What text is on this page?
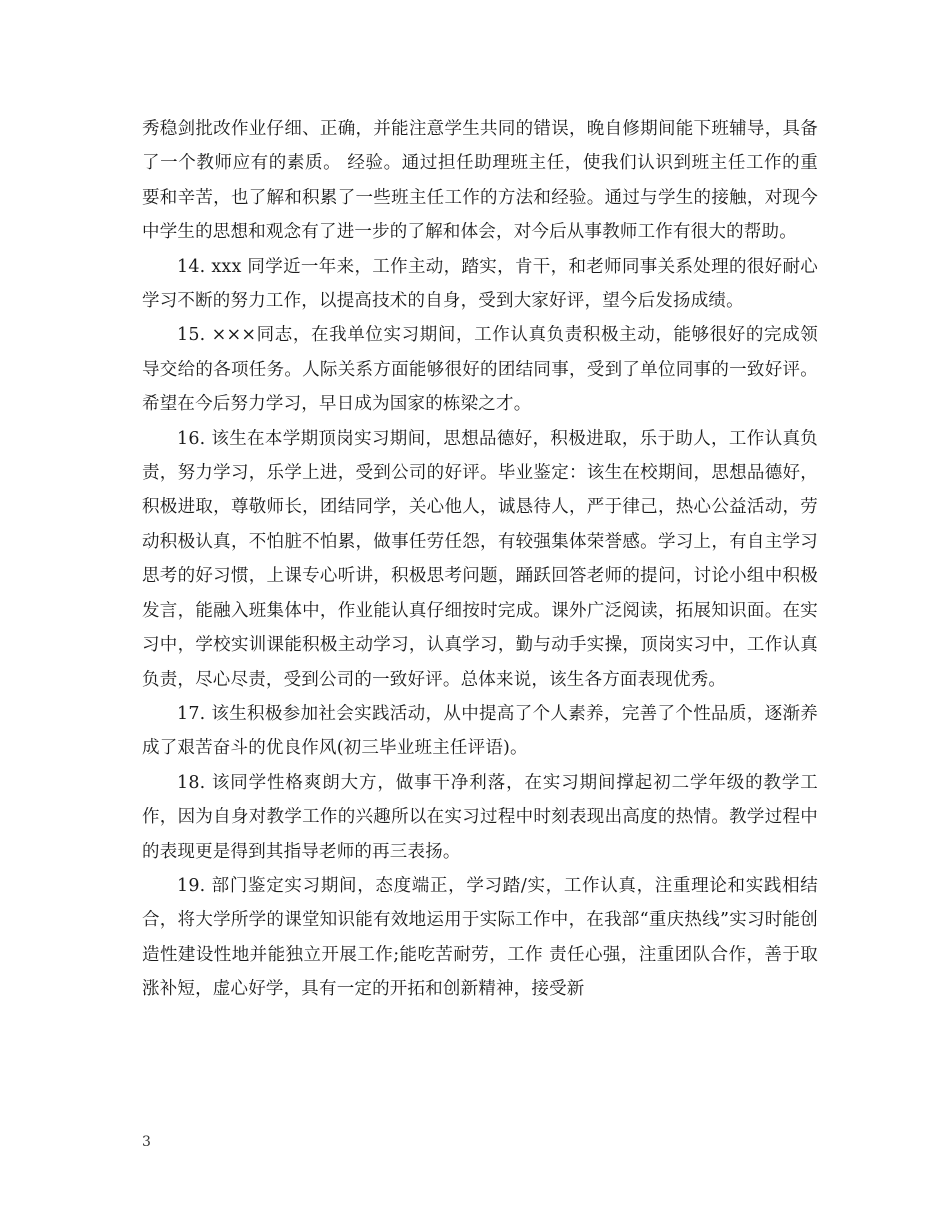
秀稳剑批改作业仔细、正确，并能注意学生共同的错误，晚自修期间能下班辅导，具备了一个教师应有的素质。 经验。通过担任助理班主任，使我们认识到班主任工作的重要和辛苦，也了解和积累了一些班主任工作的方法和经验。通过与学生的接触，对现今中学生的思想和观念有了进一步的了解和体会，对今后从事教师工作有很大的帮助。

14. xxx 同学近一年来，工作主动，踏实，肯干，和老师同事关系处理的很好耐心学习不断的努力工作，以提高技术的自身，受到大家好评，望今后发扬成绩。

15. ×××同志，在我单位实习期间，工作认真负责积极主动，能够很好的完成领导交给的各项任务。人际关系方面能够很好的团结同事，受到了单位同事的一致好评。希望在今后努力学习，早日成为国家的栋梁之才。

16. 该生在本学期顶岗实习期间，思想品德好，积极进取，乐于助人，工作认真负责，努力学习，乐学上进，受到公司的好评。毕业鉴定：该生在校期间，思想品德好，积极进取，尊敬师长，团结同学，关心他人，诚恳待人，严于律己，热心公益活动，劳动积极认真，不怕脏不怕累，做事任劳任怨，有较强集体荣誉感。学习上，有自主学习思考的好习惯，上课专心听讲，积极思考问题，踊跃回答老师的提问，讨论小组中积极发言，能融入班集体中，作业能认真仔细按时完成。课外广泛阅读，拓展知识面。在实习中，学校实训课能积极主动学习，认真学习，勤与动手实操，顶岗实习中，工作认真负责，尽心尽责，受到公司的一致好评。总体来说，该生各方面表现优秀。

17. 该生积极参加社会实践活动，从中提高了个人素养，完善了个性品质，逐渐养成了艰苦奋斗的优良作风(初三毕业班主任评语)。

18. 该同学性格爽朗大方，做事干净利落，在实习期间撑起初二学年级的教学工作，因为自身对教学工作的兴趣所以在实习过程中时刻表现出高度的热情。教学过程中的表现更是得到其指导老师的再三表扬。

19. 部门鉴定实习期间，态度端正，学习踏/实，工作认真，注重理论和实践相结合，将大学所学的课堂知识能有效地运用于实际工作中，在我部“重庆热线”实习时能创造性建设性地并能独立开展工作;能吃苦耐劳，工作 责任心强，注重团队合作，善于取涨补短，虚心好学，具有一定的开拓和创新精神，接受新

3
